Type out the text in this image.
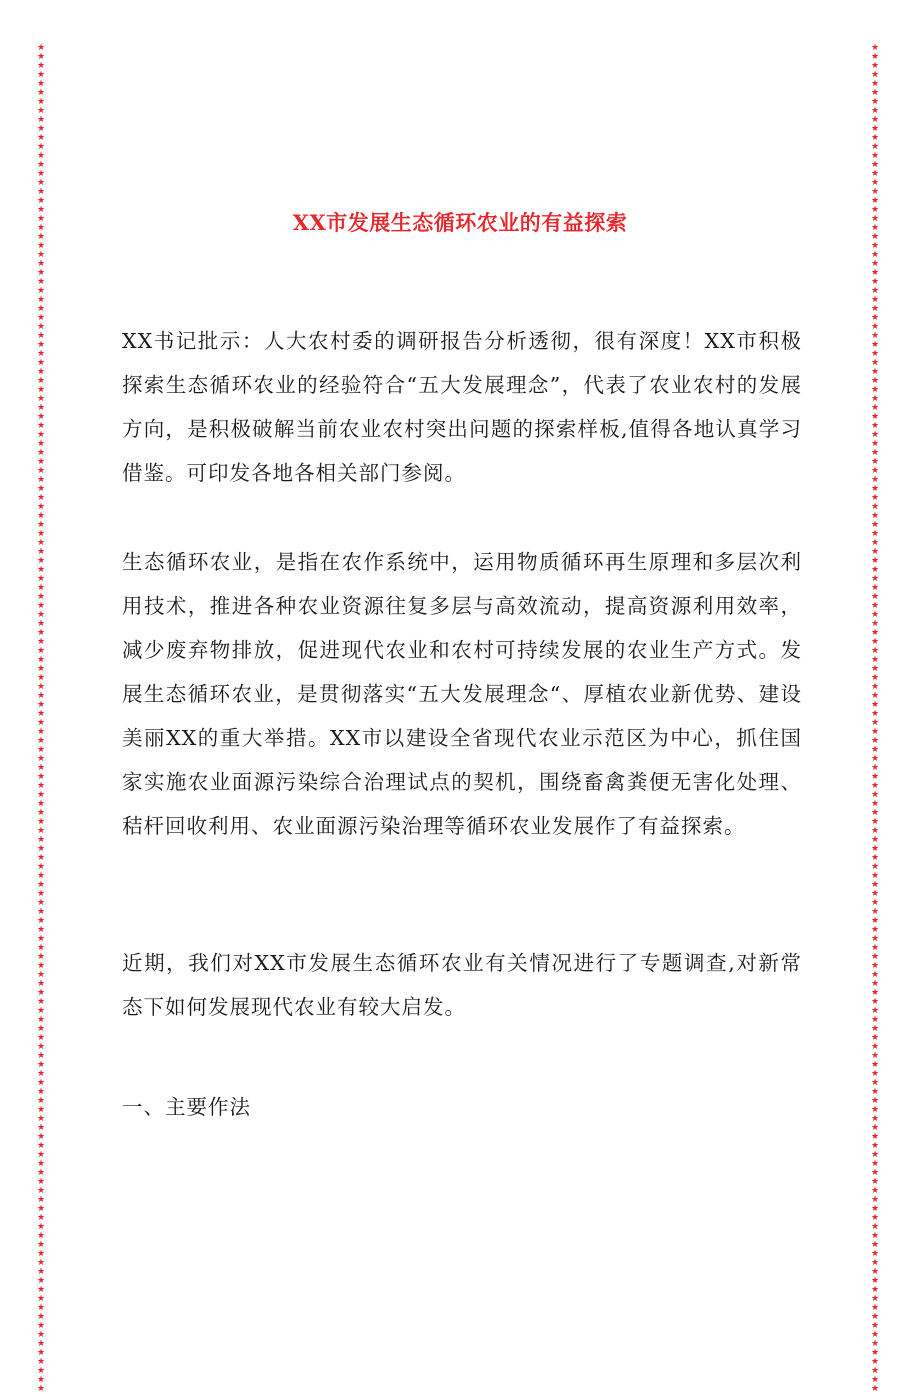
★
★
★
★
★
★
★
★
★
★
★
★
★
★
★
★
★
★
★
★
★
★
★
★
★
★
★
★
★
★
★
★
★
★
★
★
★
★
★
★
★
★
★
★
★
★
★
★
★
★
★
★
★
★
★
★
★
★
★
★
★
★
★
★
★
★
★
★
★
★
★
★
★
★
★
★
★
★
★
★
★
★
★
★
★
★
★
★
★
★
★
★
★
★
★
★
★
★
★
★
★
★
★
★
★
★
★
★
★
★
★
★
★
★
★
★
★
★
★
★
★
★
★
★
★
★
★
★
★
★
★
★
★
★
★
★
★
★
★
★
★
★
★
★
★
★
★
★
★
★
★
★
★
★
★
★
★
★
★
★
★
★
★
★
★
★
★
★
★
★
★
★
★
★
★
★
★
★
★
★
★
★
★
★
★
★
★
★
★
★
★
★
★
★
★
★
★
★
★
★
★
★
★
★
★
★
★
★
★
★
★
★
★
★
★
★
★
★
★
★
★
★
★
★
★
★
★
★
★
★
★
★
★
★
★
★
★
★
★
★
★
★
★
★
★
★
★
★
★
★
★
★
★
★
★
★
★
★
★
★
★
★
★
★
★
★
★
★
★
★
★
★
★
★
★
★
★
★
★
★
★
★
★
★
★
★
★
★
★
★
★
★
★
★
★
★
★
★
★
★
XX市发展生态循环农业的有益探索
XX书记批示：人大农村委的调研报告分析透彻，很有深度！XX市积极探索生态循环农业的经验符合“五大发展理念”，代表了农业农村的发展方向，是积极破解当前农业农村突出问题的探索样板,值得各地认真学习借鉴。可印发各地各相关部门参阅。
生态循环农业，是指在农作系统中，运用物质循环再生原理和多层次利用技术，推进各种农业资源往复多层与高效流动，提高资源利用效率，减少废弃物排放，促进现代农业和农村可持续发展的农业生产方式。发展生态循环农业，是贯彻落实“五大发展理念“、厚植农业新优势、建设美丽XX的重大举措。XX市以建设全省现代农业示范区为中心，抓住国家实施农业面源污染综合治理试点的契机，围绕畜禽粪便无害化处理、秸杆回收利用、农业面源污染治理等循环农业发展作了有益探索。
近期，我们对XX市发展生态循环农业有关情况进行了专题调查,对新常态下如何发展现代农业有较大启发。
一、主要作法
